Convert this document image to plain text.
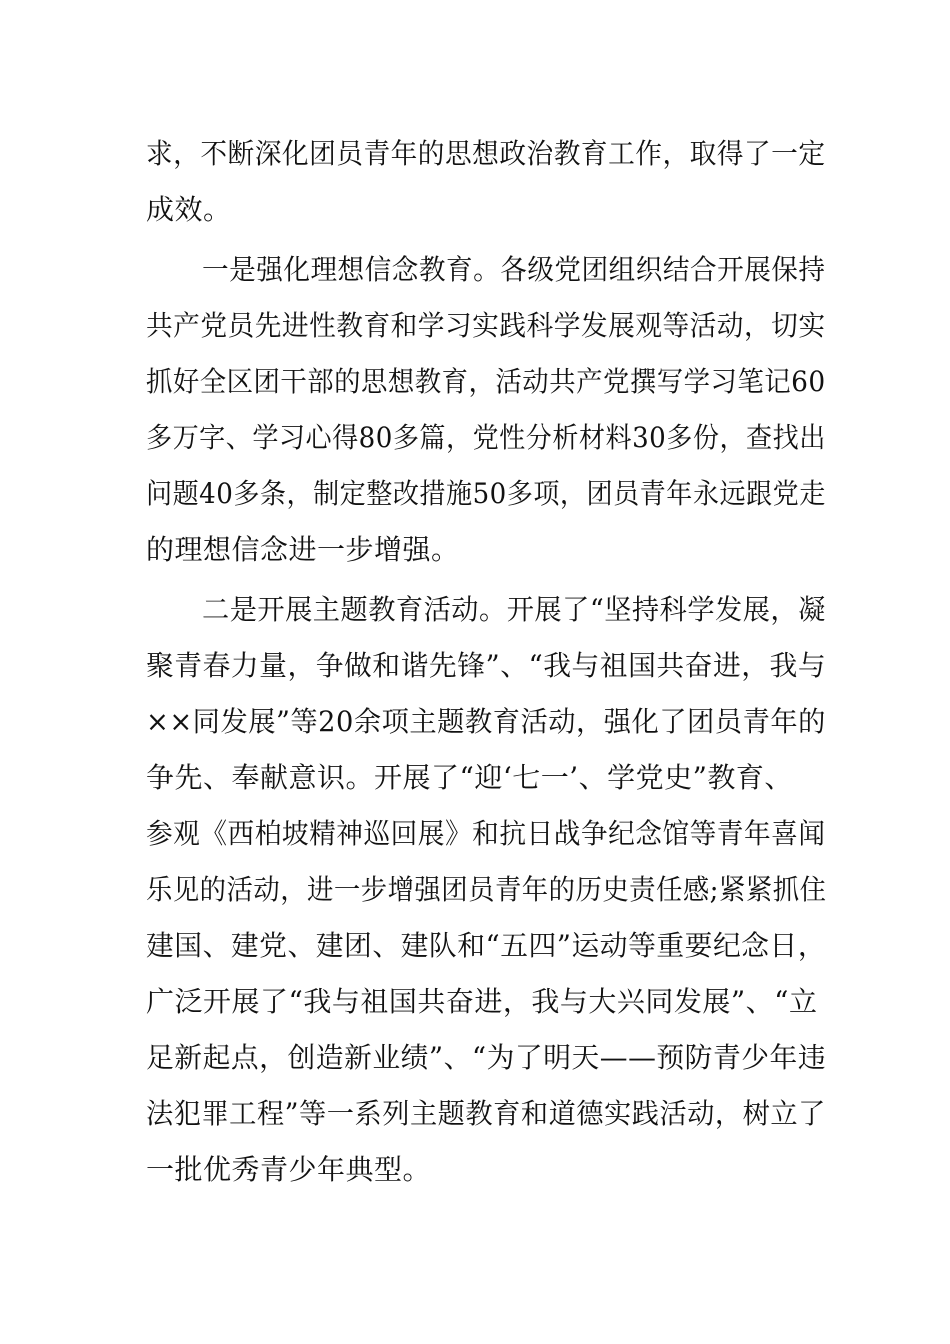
求，不断深化团员青年的思想政治教育工作，取得了一定
成效。
一是强化理想信念教育。各级党团组织结合开展保持
共产党员先进性教育和学习实践科学发展观等活动，切实
抓好全区团干部的思想教育，活动共产党撰写学习笔记60
多万字、学习心得80多篇，党性分析材料30多份，查找出
问题40多条，制定整改措施50多项，团员青年永远跟党走
的理想信念进一步增强。
二是开展主题教育活动。开展了“坚持科学发展，凝
聚青春力量，争做和谐先锋”、“我与祖国共奋进，我与
××同发展”等20余项主题教育活动，强化了团员青年的
争先、奉献意识。开展了“迎‘七一’、学党史”教育、
参观《西柏坡精神巡回展》和抗日战争纪念馆等青年喜闻
乐见的活动，进一步增强团员青年的历史责任感;紧紧抓住
建国、建党、建团、建队和“五四”运动等重要纪念日，
广泛开展了“我与祖国共奋进，我与大兴同发展”、“立
足新起点，创造新业绩”、“为了明天——预防青少年违
法犯罪工程”等一系列主题教育和道德实践活动，树立了
一批优秀青少年典型。
